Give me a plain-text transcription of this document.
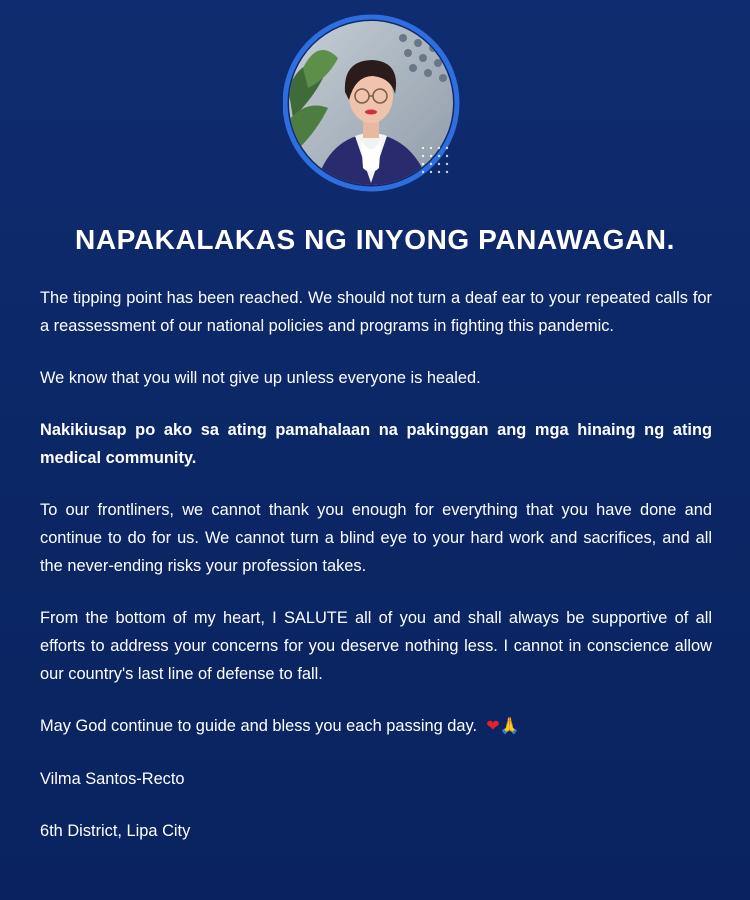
NAPAKALAKAS NG INYONG PANAWAGAN.

The tipping point has been reached. We should not turn a deaf ear to your repeated calls for a reassessment of our national policies and programs in fighting this pandemic.

We know that you will not give up unless everyone is healed.

Nakikiusap po ako sa ating pamahalaan na pakinggan ang mga hinaing ng ating medical community.

To our frontliners, we cannot thank you enough for everything that you have done and continue to do for us. We cannot turn a blind eye to your hard work and sacrifices, and all the never-ending risks your profession takes.

From the bottom of my heart, I SALUTE all of you and shall always be supportive of all efforts to address your concerns for you deserve nothing less. I cannot in conscience allow our country's last line of defense to fall.

May God continue to guide and bless you each passing day. ❤🙏

Vilma Santos-Recto

6th District, Lipa City
